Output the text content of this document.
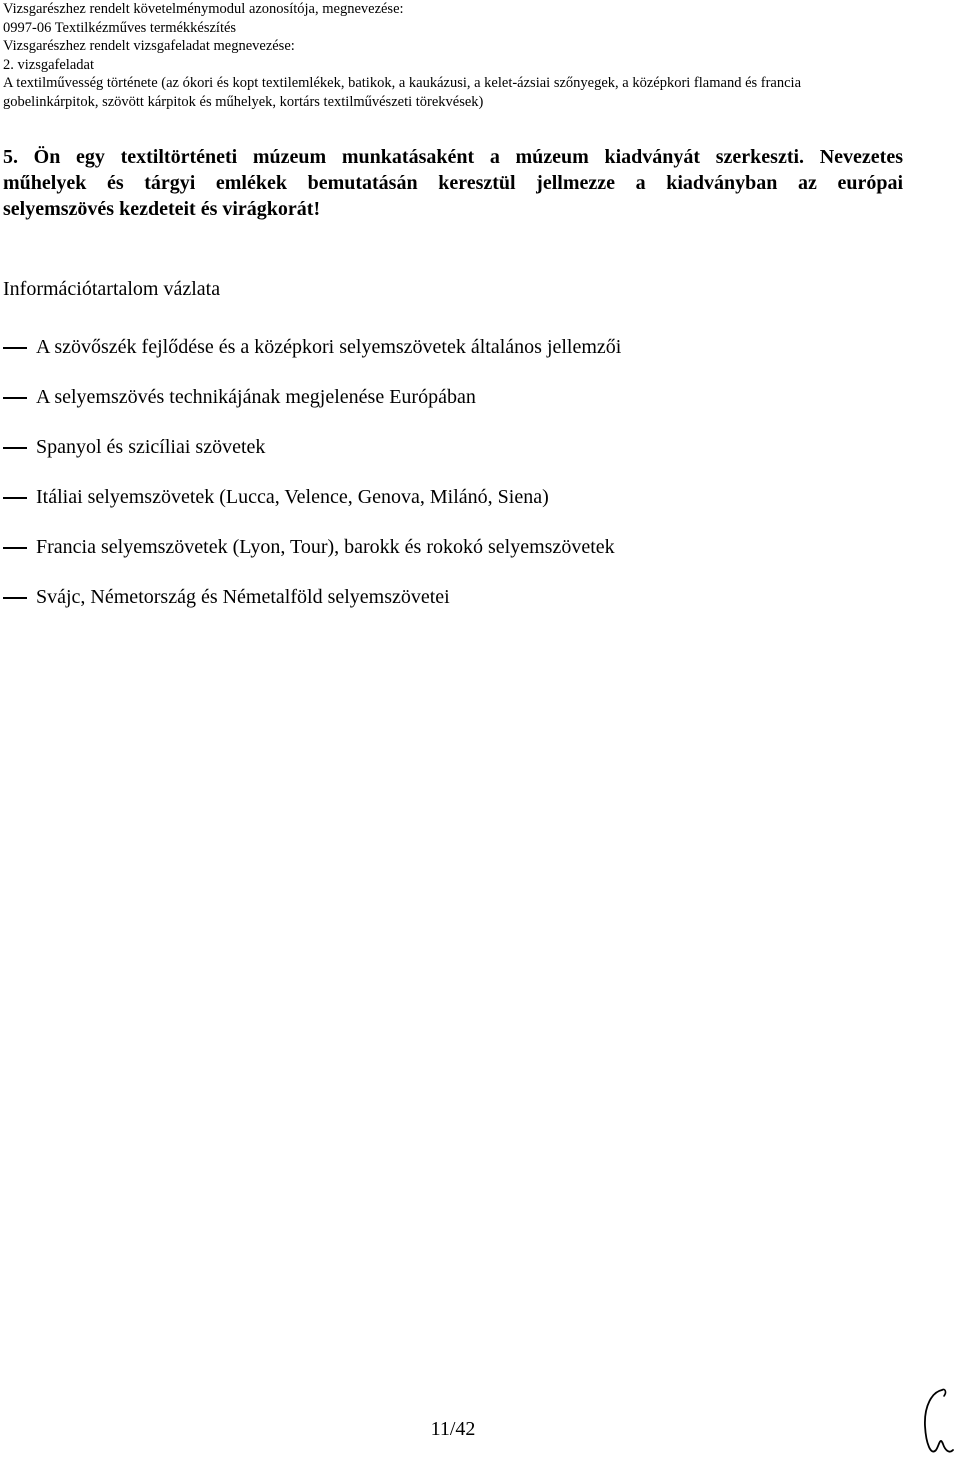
Vizsgarészhez rendelt követelménymodul azonosítója, megnevezése:
0997-06 Textilkézműves termékkészítés
Vizsgarészhez rendelt vizsgafeladat megnevezése:
2. vizsgafeladat
A textilművesség története (az ókori és kopt textilemlékek, batikok, a kaukázusi, a kelet-ázsiai szőnyegek, a középkori flamand és francia
gobelinkárpitok, szövött kárpitok és műhelyek, kortárs textilművészeti törekvések)
5. Ön egy textiltörténeti múzeum munkatásaként a múzeum kiadványát szerkeszti. Nevezetes
műhelyek és tárgyi emlékek bemutatásán keresztül jellmezze a kiadványban az európai
selyemszövés kezdeteit és virágkorát!
Információtartalom vázlata
A szövőszék fejlődése és a középkori selyemszövetek általános jellemzői
A selyemszövés technikájának megjelenése Európában
Spanyol és szicíliai szövetek
Itáliai selyemszövetek (Lucca, Velence, Genova, Milánó, Siena)
Francia selyemszövetek (Lyon, Tour), barokk és rokokó selyemszövetek
Svájc, Németország és Németalföld selyemszövetei
11/42
